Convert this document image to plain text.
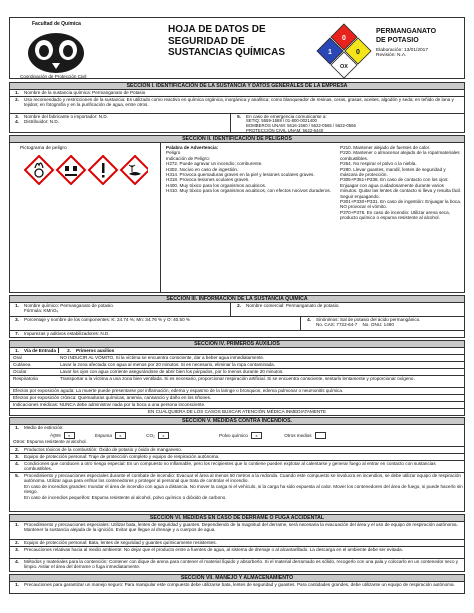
Facultad de Química
Coordinación de Protección Civil
HOJA DE DATOS DE
SEGURIDAD DE
SUSTANCIAS QUÍMICAS
0
1	0
OX
PERMANGANATO
DE POTASIO
Elaboración: 13/01/2017
Revisión: N.A.
SECCIÓN I. IDENTIFICACIÓN DE LA SUSTANCIA Y DATOS GENERALES DE LA EMPRESA
1. Nombre de la sustancia química: Permanganato de Potasio
2. Uso recomendado y restricciones de la sustancia: Es utilizado como reactivo en química orgánica, inorgánica y analítica; como blanqueador de resinas, ceras, grasas, aceites, algodón y seda; en teñido de lana y tejidos; en fotografía y en la purificación de agua, entre otros.
3. Nombre del fabricante o importador: N.D.
4. Distribuidor: N.D.
5. En caso de emergencia comunicarse a:
SETIQ: 5559-1588 / 01-800-0021400
BOMBEROS UNAM: 5616-1560 / 5622-0565 / 5622-0566
PROTECCIÓN CIVIL UNAM: 5622-6440
SECCIÓN II. IDENTIFICACIÓN DE PELIGROS
Pictograma de peligro	Palabra de Advertencia:
Peligro
Indicación de Peligro:
H272. Puede agravar un incendio; comburente.
H302. Nocivo en caso de ingestión.
H314. Provoca quemaduras graves en la piel y lesiones oculares graves.
H318. Provoca lesiones oculares graves.
H400. Muy tóxico para los organismos acuáticos.
H410. Muy tóxico para los organismos acuáticos, con efectos nocivos duraderos.
P210. Mantener alejado de fuentes de calor.
P220. Mantener o almacenar alejado de la ropa/materiales combustibles.
P264. No respirar el polvo o la niebla.
P280. Llevar guantes, mandil, lentes de seguridad y máscara de protección.
P305+P351+P338. En caso de contacto con los ojos: Enjuagar con agua cuidadosamente durante varios minutos. Quitar las lentes de contacto si lleva y resulta fácil. Seguir enjuagando.
P301+P330+P331. En caso de ingestión: Enjuagar la boca. NO provocar el vómito.
P370+P378. En caso de incendio: Utilizar arena seca, producto químico o espuma resistente al alcohol.
SECCIÓN III. INFORMACIÓN DE LA SUSTANCIA QUÍMICA
1. Nombre químico: Permanganato de potasio.
Fórmula: KMnO₄
2. Nombre comercial: Permanganato de potasio.
3. Porcentaje y nombre de los componentes: K: 24.74 %; Mn: 34.76 % y O: 40.50 %	4. Sinónimos: Sal de potasio del ácido permangánico.
No. CAS: 7722-64-7 No. ONU: 1490
7. Impurezas y aditivos estabilizadores: N.D.
SECCIÓN IV. PRIMEROS AUXILIOS
1. Vía de Entrada	2. Primeros auxilios
Oral	NO INDUCIR AL VÓMITO. Si la víctima se encuentra consciente, dar a beber agua inmediatamente.
Cutánea	Lavar la zona afectada con agua al menos por 20 minutos. Si es necesario, eliminar la ropa contaminada.
Ocular	Lavar los ojos con agua corriente asegurándose de abrir bien los párpados, por lo menos durante 20 minutos.
Respiratoria	Transportar a la víctima a una zona bien ventilada. Si es necesario, proporcionar respiración artificial. Si se encuentra consciente, sentarlo lentamente y proporcionar oxígeno.
Efectos por exposición aguda: La muerte puede presentarse por inflamación, edema y espasmo de la laringe o bronquios, edema pulmonar o neumonitis química.
Efectos por exposición crónica: Quemaduras químicas, anemia, cansancio y daño en los riñones.
Indicaciones médicas: NUNCA debe administrar nada por la boca a una persona inconsciente.
EN CUALQUIERA DE LOS CASOS BUSCAR ATENCIÓN MÉDICA INMEDIATAMENTE
SECCIÓN V. MEDIDAS CONTRA INCENDIOS.
1. Medio de extinción:
Agua x	Espuma x	CO₂ x	Polvo químico x	Otros medios
Otros: Espuma resistente al alcohol.
2. Productos tóxicos de la combustión: Óxido de potasio y óxido de manganeso.
3. Equipo de protección personal: Traje de protección completo y equipo de respiración autónoma.
4. Condiciones que conducen a otro riesgo especial: Es un compuesto no inflamable, pero los recipientes que lo contiene pueden explotar al calentarse y generar fuego al entrar en contacto con sustancias combustibles.
5. Procedimiento y precauciones especiales durante el combate de incendio: Evacuar el área al menos 50 metros a la redonda. Cuando este compuesto se involucra en incendios, se debe utilizar equipo de respiración autónoma. Utilizar agua para enfriar los contenedores y proteger al personal que trata de controlar el incendio.
En caso de incendios grandes: Inundar el área de incendio con agua a distancia. No mover la carga ni el vehículo, si la carga ha sido expuesta al calor. Mover los contenedores del área de fuego, si puede hacerlo sin riesgo.
En caso de incendios pequeños: Espuma resistente al alcohol, polvo químico o dióxido de carbono.
SECCIÓN VI. MEDIDAS EN CASO DE DERRAME O FUGA ACCIDENTAL
1. Procedimiento y precauciones especiales: Utilizar bata, lentes de seguridad y guantes. Dependiendo de la magnitud del derrame, será necesaria la evacuación del área y el uso de equipo de respiración autónoma. Mantener la sustancia alejada de la ignición. Evitar que llegue al drenaje y a cuerpos de agua.
2. Equipo de protección personal: Bata, lentes de seguridad y guantes químicamente resistentes.
3. Precauciones relativas hacia al medio ambiente: No dejar que el producto entre a fuentes de agua, al sistema de drenaje o al alcantarillado. La descarga en el ambiente debe ser evitada.
4. Métodos y materiales para la contención: Contener con dique de arena para contener el material líquido y absorberlo. Si el material derramado es sólido, recogerlo con una pala y colocarlo en un contenedor seco y limpio. Aislar el área del derrame o fuga inmediatamente.
SECCIÓN VII. MANEJO Y ALMACENAMIENTO
1. Precauciones para garantizar un manejo seguro: Para manipular este compuesto debe utilizarse bata, lentes de seguridad y guantes. Para cantidades grandes, debe utilizarse un equipo de respiración autónoma.
